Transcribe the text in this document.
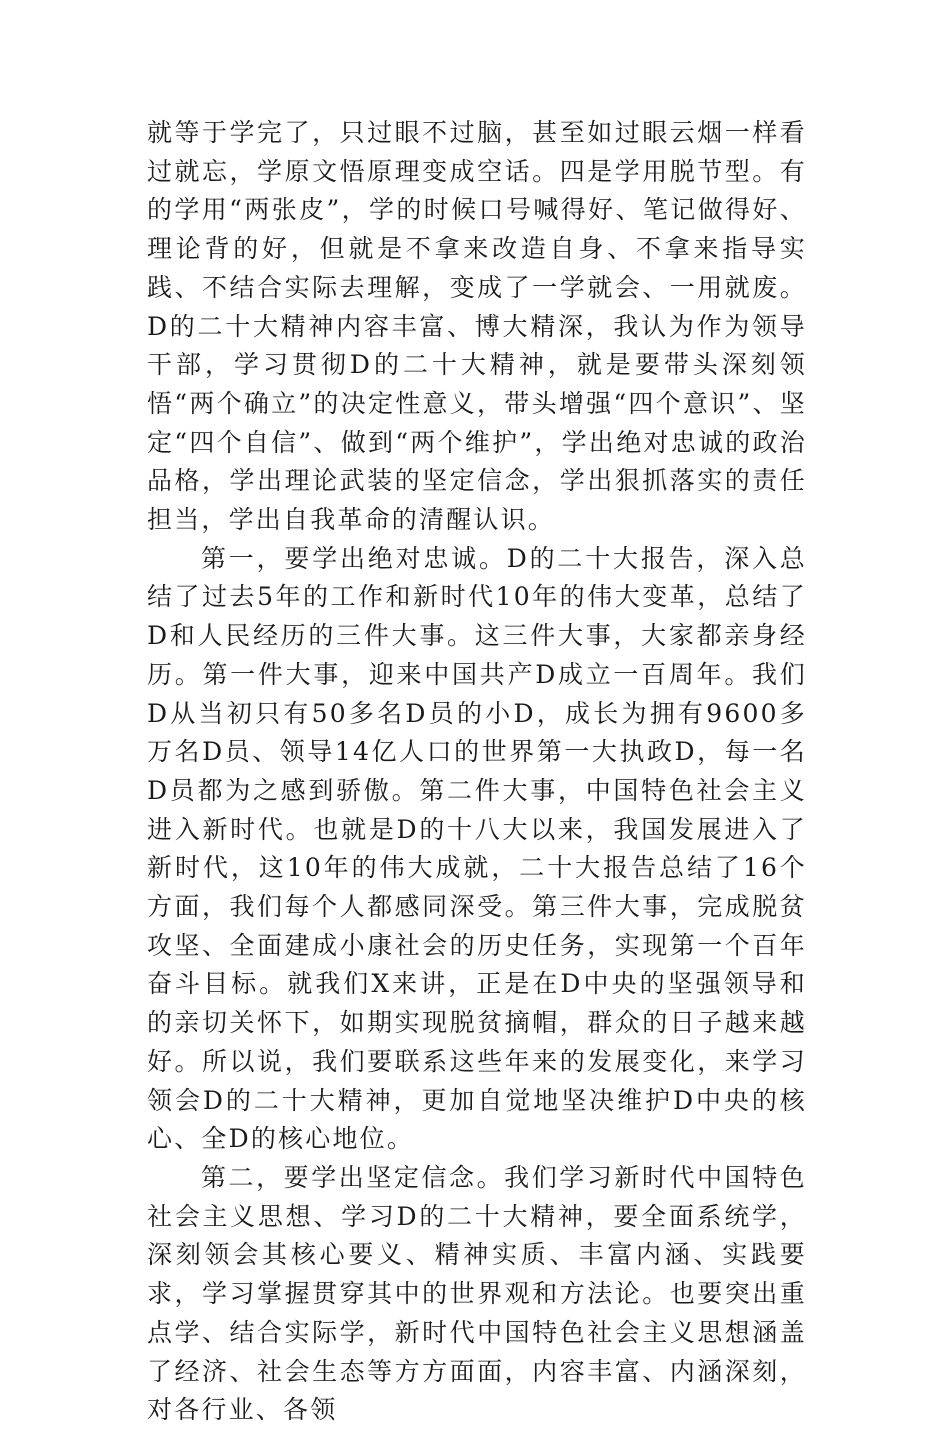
就等于学完了，只过眼不过脑，甚至如过眼云烟一样看过就忘，学原文悟原理变成空话。四是学用脱节型。有的学用“两张皮”，学的时候口号喊得好、笔记做得好、理论背的好，但就是不拿来改造自身、不拿来指导实践、不结合实际去理解，变成了一学就会、一用就废。D的二十大精神内容丰富、博大精深，我认为作为领导干部，学习贯彻D的二十大精神，就是要带头深刻领悟“两个确立”的决定性意义，带头增强“四个意识”、坚定“四个自信”、做到“两个维护”，学出绝对忠诚的政治品格，学出理论武装的坚定信念，学出狠抓落实的责任担当，学出自我革命的清醒认识。

第一，要学出绝对忠诚。D的二十大报告，深入总结了过去5年的工作和新时代10年的伟大变革，总结了D和人民经历的三件大事。这三件大事，大家都亲身经历。第一件大事，迎来中国共产D成立一百周年。我们D从当初只有50多名D员的小D，成长为拥有9600多万名D员、领导14亿人口的世界第一大执政D，每一名D员都为之感到骄傲。第二件大事，中国特色社会主义进入新时代。也就是D的十八大以来，我国发展进入了新时代，这10年的伟大成就，二十大报告总结了16个方面，我们每个人都感同深受。第三件大事，完成脱贫攻坚、全面建成小康社会的历史任务，实现第一个百年奋斗目标。就我们X来讲，正是在D中央的坚强领导和的亲切关怀下，如期实现脱贫摘帽，群众的日子越来越好。所以说，我们要联系这些年来的发展变化，来学习领会D的二十大精神，更加自觉地坚决维护D中央的核心、全D的核心地位。

第二，要学出坚定信念。我们学习新时代中国特色社会主义思想、学习D的二十大精神，要全面系统学，深刻领会其核心要义、精神实质、丰富内涵、实践要求，学习掌握贯穿其中的世界观和方法论。也要突出重点学、结合实际学，新时代中国特色社会主义思想涵盖了经济、社会生态等方方面面，内容丰富、内涵深刻，对各行业、各领
